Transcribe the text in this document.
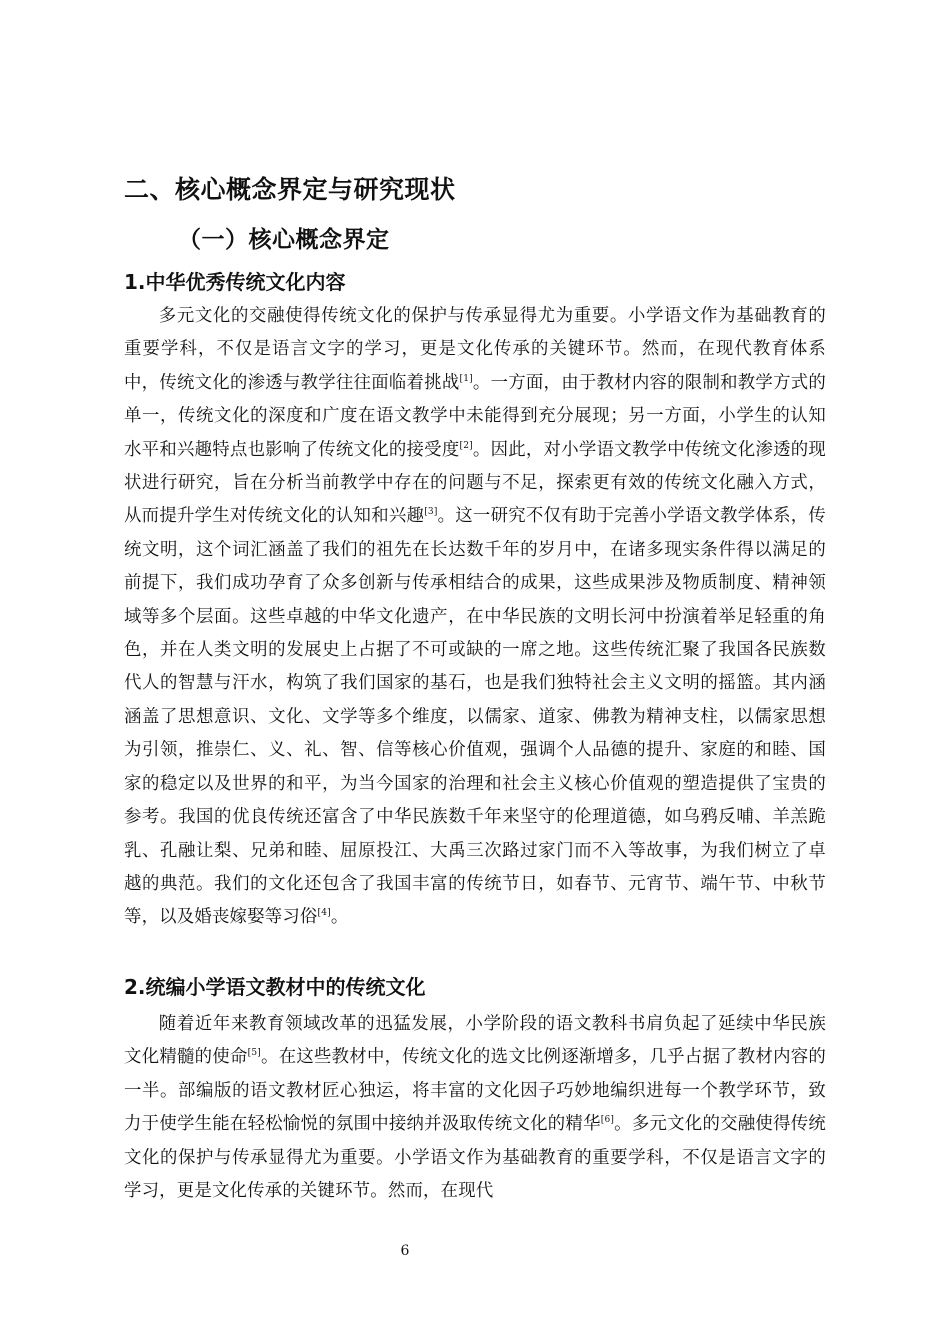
二、核心概念界定与研究现状
（一）核心概念界定
1.中华优秀传统文化内容

多元文化的交融使得传统文化的保护与传承显得尤为重要。小学语文作为基础教育的重要学科，不仅是语言文字的学习，更是文化传承的关键环节。然而，在现代教育体系中，传统文化的渗透与教学往往面临着挑战[1]。一方面，由于教材内容的限制和教学方式的单一，传统文化的深度和广度在语文教学中未能得到充分展现；另一方面，小学生的认知水平和兴趣特点也影响了传统文化的接受度[2]。因此，对小学语文教学中传统文化渗透的现状进行研究，旨在分析当前教学中存在的问题与不足，探索更有效的传统文化融入方式，从而提升学生对传统文化的认知和兴趣[3]。这一研究不仅有助于完善小学语文教学体系，传统文明，这个词汇涵盖了我们的祖先在长达数千年的岁月中，在诸多现实条件得以满足的前提下，我们成功孕育了众多创新与传承相结合的成果，这些成果涉及物质制度、精神领域等多个层面。这些卓越的中华文化遗产，在中华民族的文明长河中扮演着举足轻重的角色，并在人类文明的发展史上占据了不可或缺的一席之地。这些传统汇聚了我国各民族数代人的智慧与汗水，构筑了我们国家的基石，也是我们独特社会主义文明的摇篮。其内涵涵盖了思想意识、文化、文学等多个维度，以儒家、道家、佛教为精神支柱，以儒家思想为引领，推崇仁、义、礼、智、信等核心价值观，强调个人品德的提升、家庭的和睦、国家的稳定以及世界的和平，为当今国家的治理和社会主义核心价值观的塑造提供了宝贵的参考。我国的优良传统还富含了中华民族数千年来坚守的伦理道德，如乌鸦反哺、羊羔跪乳、孔融让梨、兄弟和睦、屈原投江、大禹三次路过家门而不入等故事，为我们树立了卓越的典范。我们的文化还包含了我国丰富的传统节日，如春节、元宵节、端午节、中秋节等，以及婚丧嫁娶等习俗[4]。

2.统编小学语文教材中的传统文化

随着近年来教育领域改革的迅猛发展，小学阶段的语文教科书肩负起了延续中华民族文化精髓的使命[5]。在这些教材中，传统文化的选文比例逐渐增多，几乎占据了教材内容的一半。部编版的语文教材匠心独运，将丰富的文化因子巧妙地编织进每一个教学环节，致力于使学生能在轻松愉悦的氛围中接纳并汲取传统文化的精华[6]。多元文化的交融使得传统文化的保护与传承显得尤为重要。小学语文作为基础教育的重要学科，不仅是语言文字的学习，更是文化传承的关键环节。然而，在现代

6
